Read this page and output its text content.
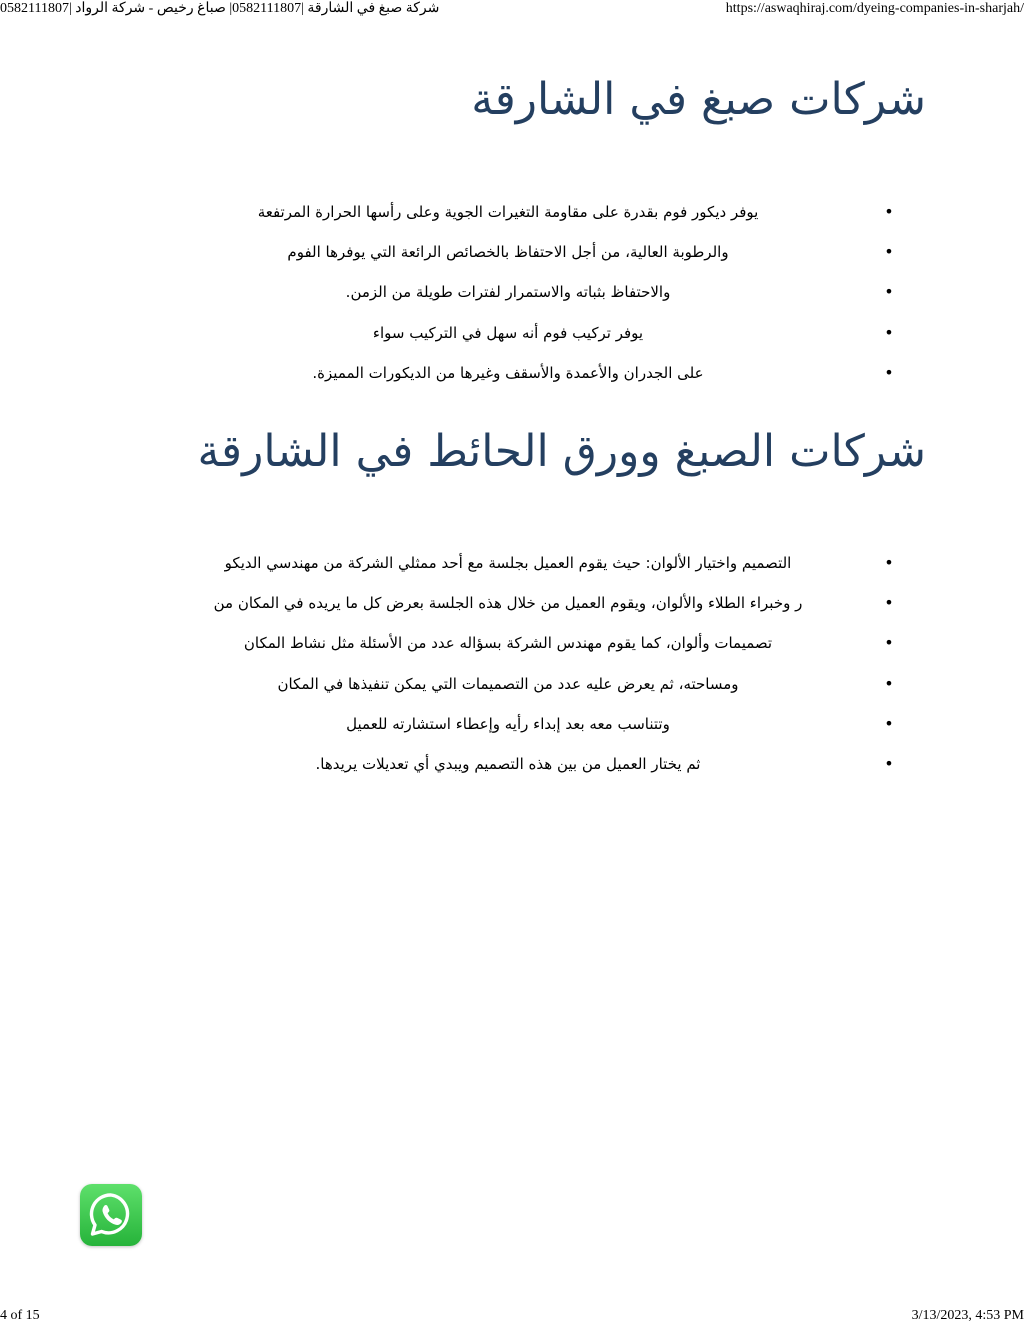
شركة صبغ في الشارقة |0582111807| صباغ رخيص - شركة الرواد |0582111807	https://aswaqhiraj.com/dyeing-companies-in-sharjah/
شركات صبغ في الشارقة
•
يوفر ديكور فوم بقدرة على مقاومة التغيرات الجوية وعلى رأسها الحرارة المرتفعة
•
والرطوبة العالية، من أجل الاحتفاظ بالخصائص الرائعة التي يوفرها الفوم
•
والاحتفاظ بثباته والاستمرار لفترات طويلة من الزمن.
•
يوفر تركيب فوم أنه سهل في التركيب سواء
•
على الجدران والأعمدة والأسقف وغيرها من الديكورات المميزة.
شركات الصبغ وورق الحائط في الشارقة
•
التصميم واختيار الألوان: حيث يقوم العميل بجلسة مع أحد ممثلي الشركة من مهندسي الديكو
•
ر وخبراء الطلاء والألوان، ويقوم العميل من خلال هذه الجلسة بعرض كل ما يريده في المكان من
•
تصميمات وألوان، كما يقوم مهندس الشركة بسؤاله عدد من الأسئلة مثل نشاط المكان
•
ومساحته، ثم يعرض عليه عدد من التصميمات التي يمكن تنفيذها في المكان
•
وتتناسب معه بعد إبداء رأيه وإعطاء استشارته للعميل
•
ثم يختار العميل من بين هذه التصميم ويبدي أي تعديلات يريدها.
4 of 15	3/13/2023, 4:53 PM
